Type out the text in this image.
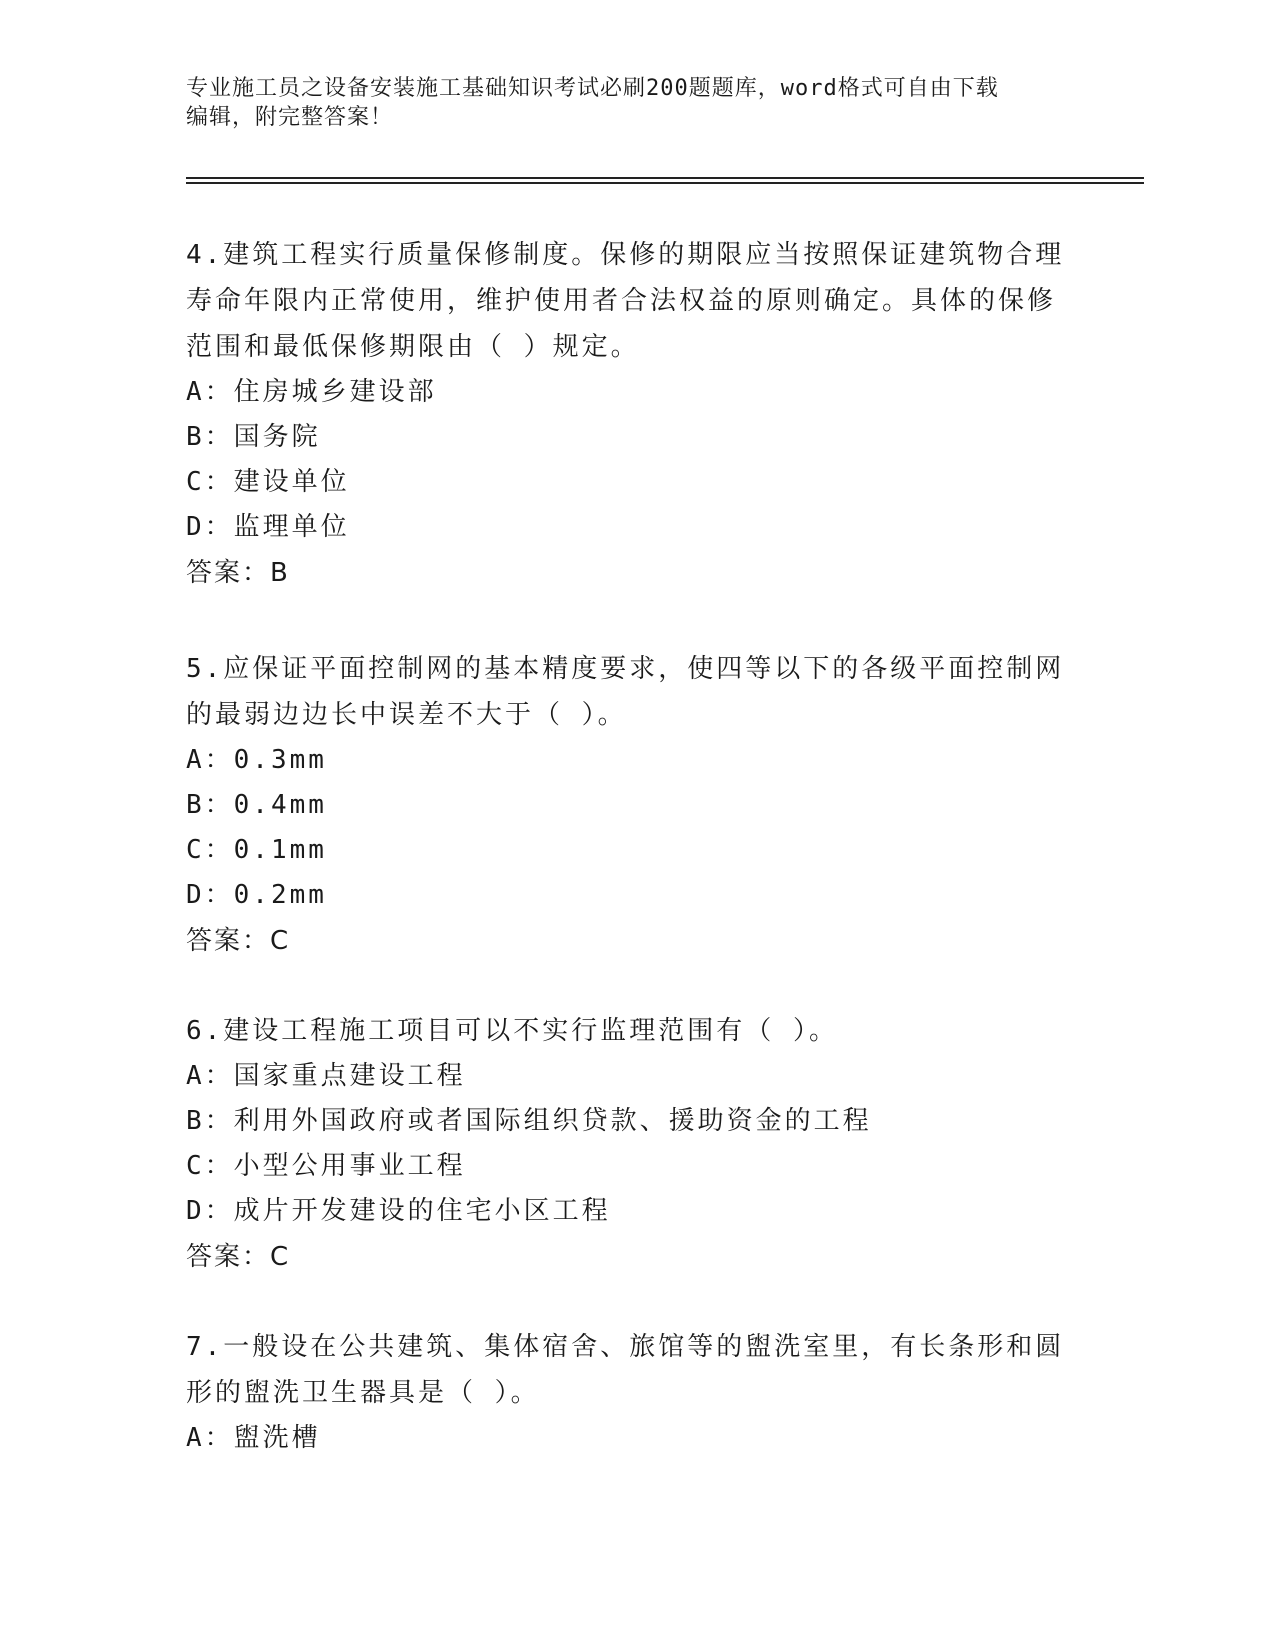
专业施工员之设备安装施工基础知识考试必刷200题题库，word格式可自由下载
编辑，附完整答案！
4.建筑工程实行质量保修制度。保修的期限应当按照保证建筑物合理
寿命年限内正常使用，维护使用者合法权益的原则确定。具体的保修
范围和最低保修期限由（ ）规定。
A：住房城乡建设部
B：国务院
C：建设单位
D：监理单位
答案：B
5.应保证平面控制网的基本精度要求，使四等以下的各级平面控制网
的最弱边边长中误差不大于（ ）。
A：0.3mm
B：0.4mm
C：0.1mm
D：0.2mm
答案：C
6.建设工程施工项目可以不实行监理范围有（ ）。
A：国家重点建设工程
B：利用外国政府或者国际组织贷款、援助资金的工程
C：小型公用事业工程
D：成片开发建设的住宅小区工程
答案：C
7.一般设在公共建筑、集体宿舍、旅馆等的盥洗室里，有长条形和圆
形的盥洗卫生器具是（ ）。
A：盥洗槽
